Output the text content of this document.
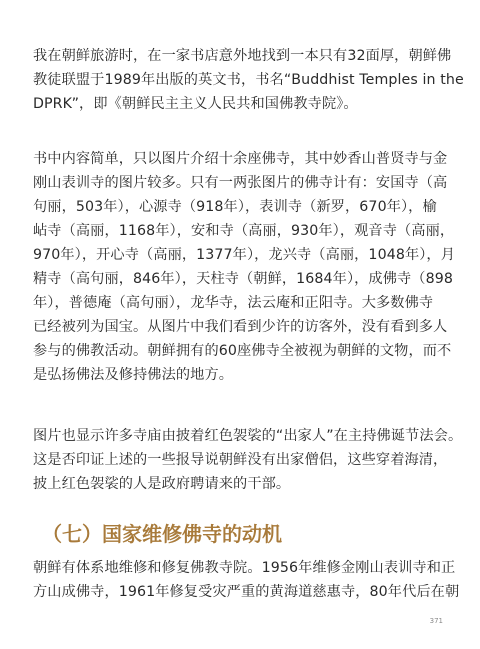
我在朝鲜旅游时，在一家书店意外地找到一本只有32面厚，朝鲜佛
教徒联盟于1989年出版的英文书，书名“Buddhist Temples in the
DPRK”，即《朝鲜民主主义人民共和国佛教寺院》。
书中内容简单，只以图片介绍十余座佛寺，其中妙香山普贤寺与金
刚山表训寺的图片较多。只有一两张图片的佛寺计有：安国寺（高
句丽，503年），心源寺（918年），表训寺（新罗，670年），榆
岾寺（高丽，1168年），安和寺（高丽，930年），观音寺（高丽，
970年），开心寺（高丽，1377年），龙兴寺（高丽，1048年），月
精寺（高句丽，846年），天柱寺（朝鲜，1684年），成佛寺（898
年），普德庵（高句丽），龙华寺，法云庵和正阳寺。大多数佛寺
已经被列为国宝。从图片中我们看到少许的访客外，没有看到多人
参与的佛教活动。朝鲜拥有的60座佛寺全被视为朝鲜的文物，而不
是弘扬佛法及修持佛法的地方。
图片也显示许多寺庙由披着红色袈裟的“出家人”在主持佛诞节法会。
这是否印证上述的一些报导说朝鲜没有出家僧侣，这些穿着海清，
披上红色袈裟的人是政府聘请来的干部。
（七）国家维修佛寺的动机
朝鲜有体系地维修和修复佛教寺院。1956年维修金刚山表训寺和正
方山成佛寺，1961年修复受灾严重的黄海道慈惠寺，80年代后在朝
371
